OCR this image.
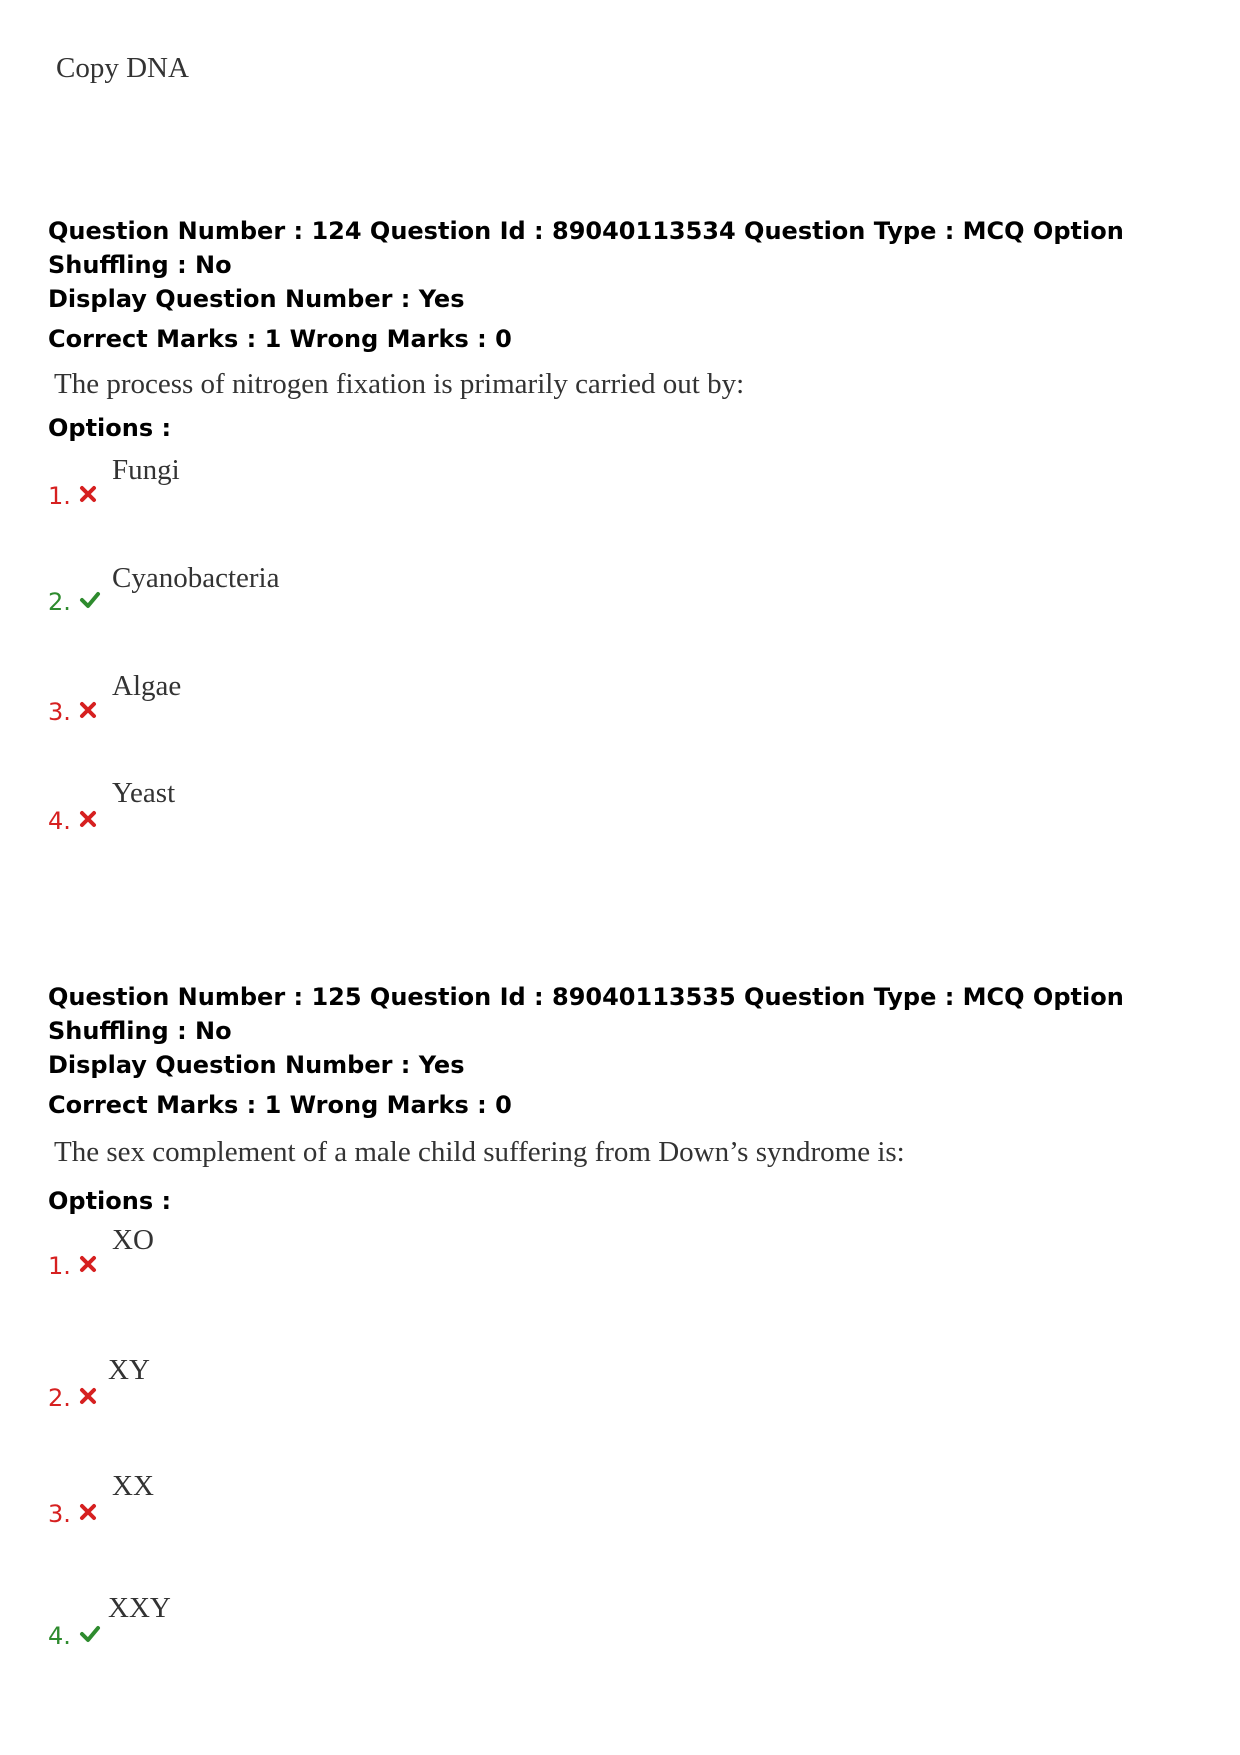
Copy DNA
Question Number : 124 Question Id : 89040113534 Question Type : MCQ Option Shuffling : No
Display Question Number : Yes
Correct Marks : 1 Wrong Marks : 0
The process of nitrogen fixation is primarily carried out by:
Options :
1.
Fungi
2.
Cyanobacteria
3.
Algae
4.
Yeast
Question Number : 125 Question Id : 89040113535 Question Type : MCQ Option Shuffling : No
Display Question Number : Yes
Correct Marks : 1 Wrong Marks : 0
The sex complement of a male child suffering from Down’s syndrome is:
Options :
1.
XO
2.
XY
3.
XX
4.
XXY
